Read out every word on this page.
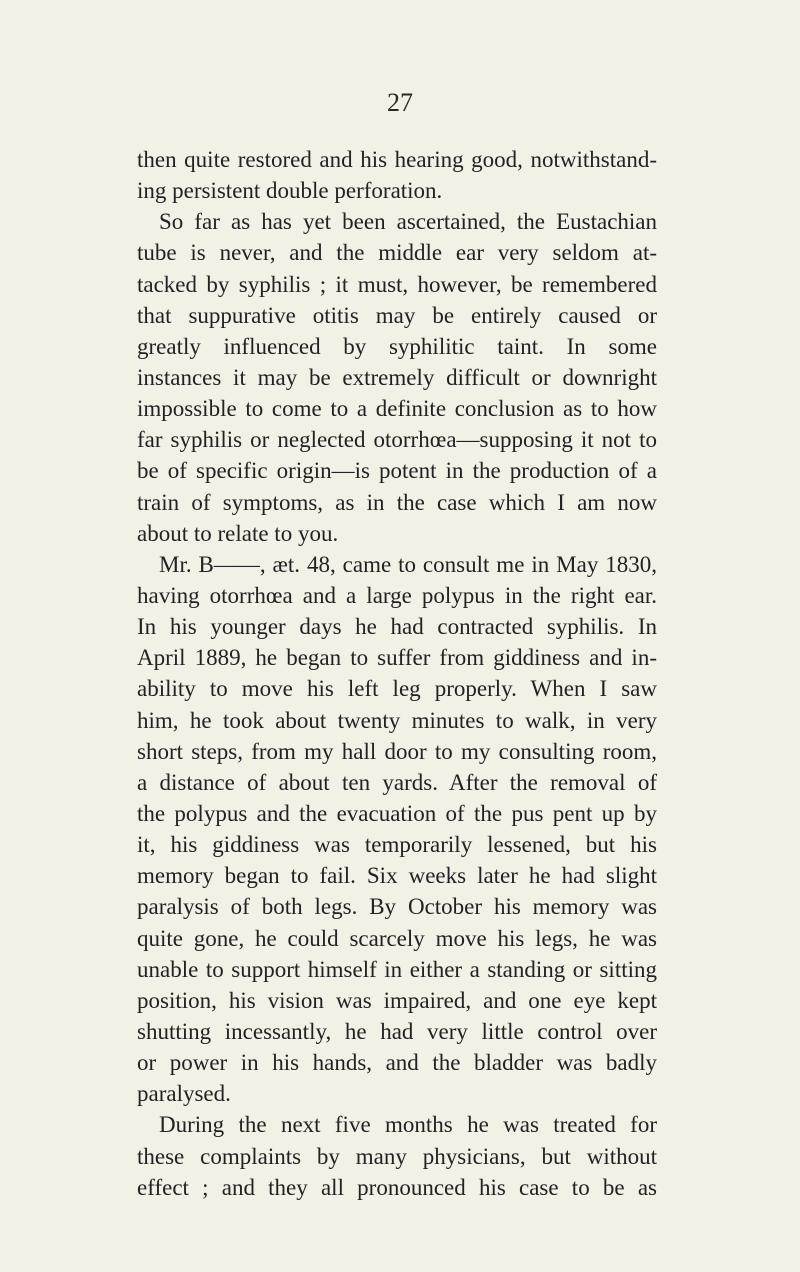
27
then quite restored and his hearing good, notwithstand-
ing persistent double perforation.
So far as has yet been ascertained, the Eustachian
tube is never, and the middle ear very seldom at-
tacked by syphilis ; it must, however, be remembered
that suppurative otitis may be entirely caused or
greatly influenced by syphilitic taint. In some
instances it may be extremely difficult or downright
impossible to come to a definite conclusion as to how
far syphilis or neglected otorrhœa—supposing it not to
be of specific origin—is potent in the production of a
train of symptoms, as in the case which I am now
about to relate to you.
Mr. B——, æt. 48, came to consult me in May 1830,
having otorrhœa and a large polypus in the right ear.
In his younger days he had contracted syphilis. In
April 1889, he began to suffer from giddiness and in-
ability to move his left leg properly. When I saw
him, he took about twenty minutes to walk, in very
short steps, from my hall door to my consulting room,
a distance of about ten yards. After the removal of
the polypus and the evacuation of the pus pent up by
it, his giddiness was temporarily lessened, but his
memory began to fail. Six weeks later he had slight
paralysis of both legs. By October his memory was
quite gone, he could scarcely move his legs, he was
unable to support himself in either a standing or sitting
position, his vision was impaired, and one eye kept
shutting incessantly, he had very little control over
or power in his hands, and the bladder was badly
paralysed.
During the next five months he was treated for
these complaints by many physicians, but without
effect ; and they all pronounced his case to be as
